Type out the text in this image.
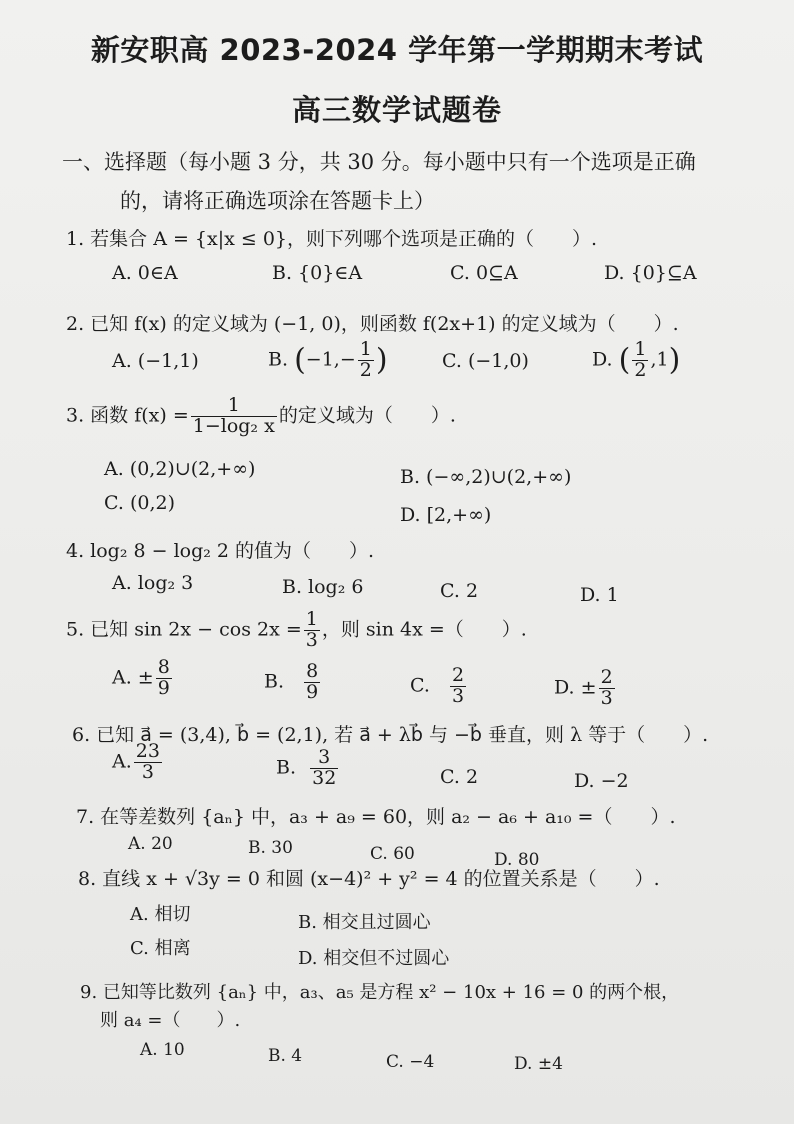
新安职高 2023-2024 学年第一学期期末考试
高三数学试题卷
一、选择题（每小题 3 分，共 30 分。每小题中只有一个选项是正确
的，请将正确选项涂在答题卡上）
1. 若集合 A = {x|x ≤ 0}，则下列哪个选项是正确的（　　）.
A. 0∈A	B. {0}∈A	C. 0⊆A	D. {0}⊆A
2. 已知 f(x) 的定义域为 (−1, 0)，则函数 f(2x+1) 的定义域为（　　）.
A. (−1,1)	B. ($-1,- \frac{1}{2}$ )	C. (−1,0)	D. ( $\frac{1}{2} ,1$)
3. 函数 $f(x) = \frac{1}{\text{1−log₂ x}}$ 的定义域为（　　）.
A. (0,2)∪(2,+∞)	B. (−∞,2)∪(2,+∞)
C. (0,2)
D. [2,+∞)
4. log₂ 8 − log₂ 2 的值为（　　）.
A. log₂ 3	B. log₂ 6	C. 2	D. 1
5. 已知 $\sin 2x - \cos 2x = \frac{1}{3}$ ，则 sin 4x =（　　）.
A. ± $\frac{8}{9}$	B. $\frac{8}{9}$	C. $\frac{2}{3}$	D. ± $\frac{2}{3}$
6. 已知 a⃗ = (3,4), b⃗ = (2,1), 若 a⃗ + λb⃗ 与 −b⃗ 垂直，则 λ 等于（　　）.
A. $\frac{23}{3}$	B. $\frac{3}{32}$	C. 2	D. −2
7. 在等差数列 {aₙ} 中，a₃ + a₉ = 60，则 a₂ − a₆ + a₁₀ =（　　）.
A. 20	B. 30	C. 60	D. 80
8. 直线 x + √3y = 0 和圆 (x−4)² + y² = 4 的位置关系是（　　）.
A. 相切	B. 相交且过圆心
C. 相离	D. 相交但不过圆心
9. 已知等比数列 {aₙ} 中，a₃、a₅ 是方程 x² − 10x + 16 = 0 的两个根，
则 a₄ =（　　）.
A. 10	B. 4	C. −4	D. ±4
